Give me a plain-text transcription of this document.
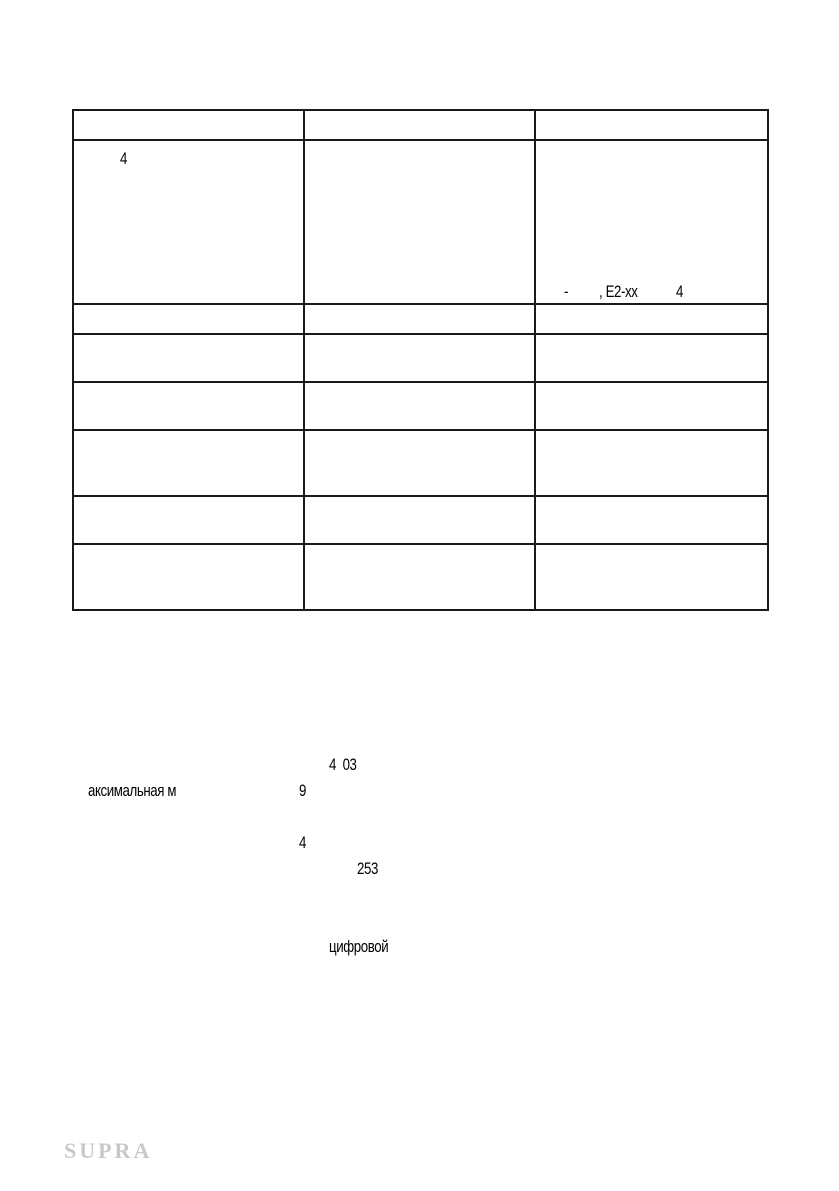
4		- , E2-xx 4

4  03
аксимальная м	9
4
253
цифровой
SUPRA
